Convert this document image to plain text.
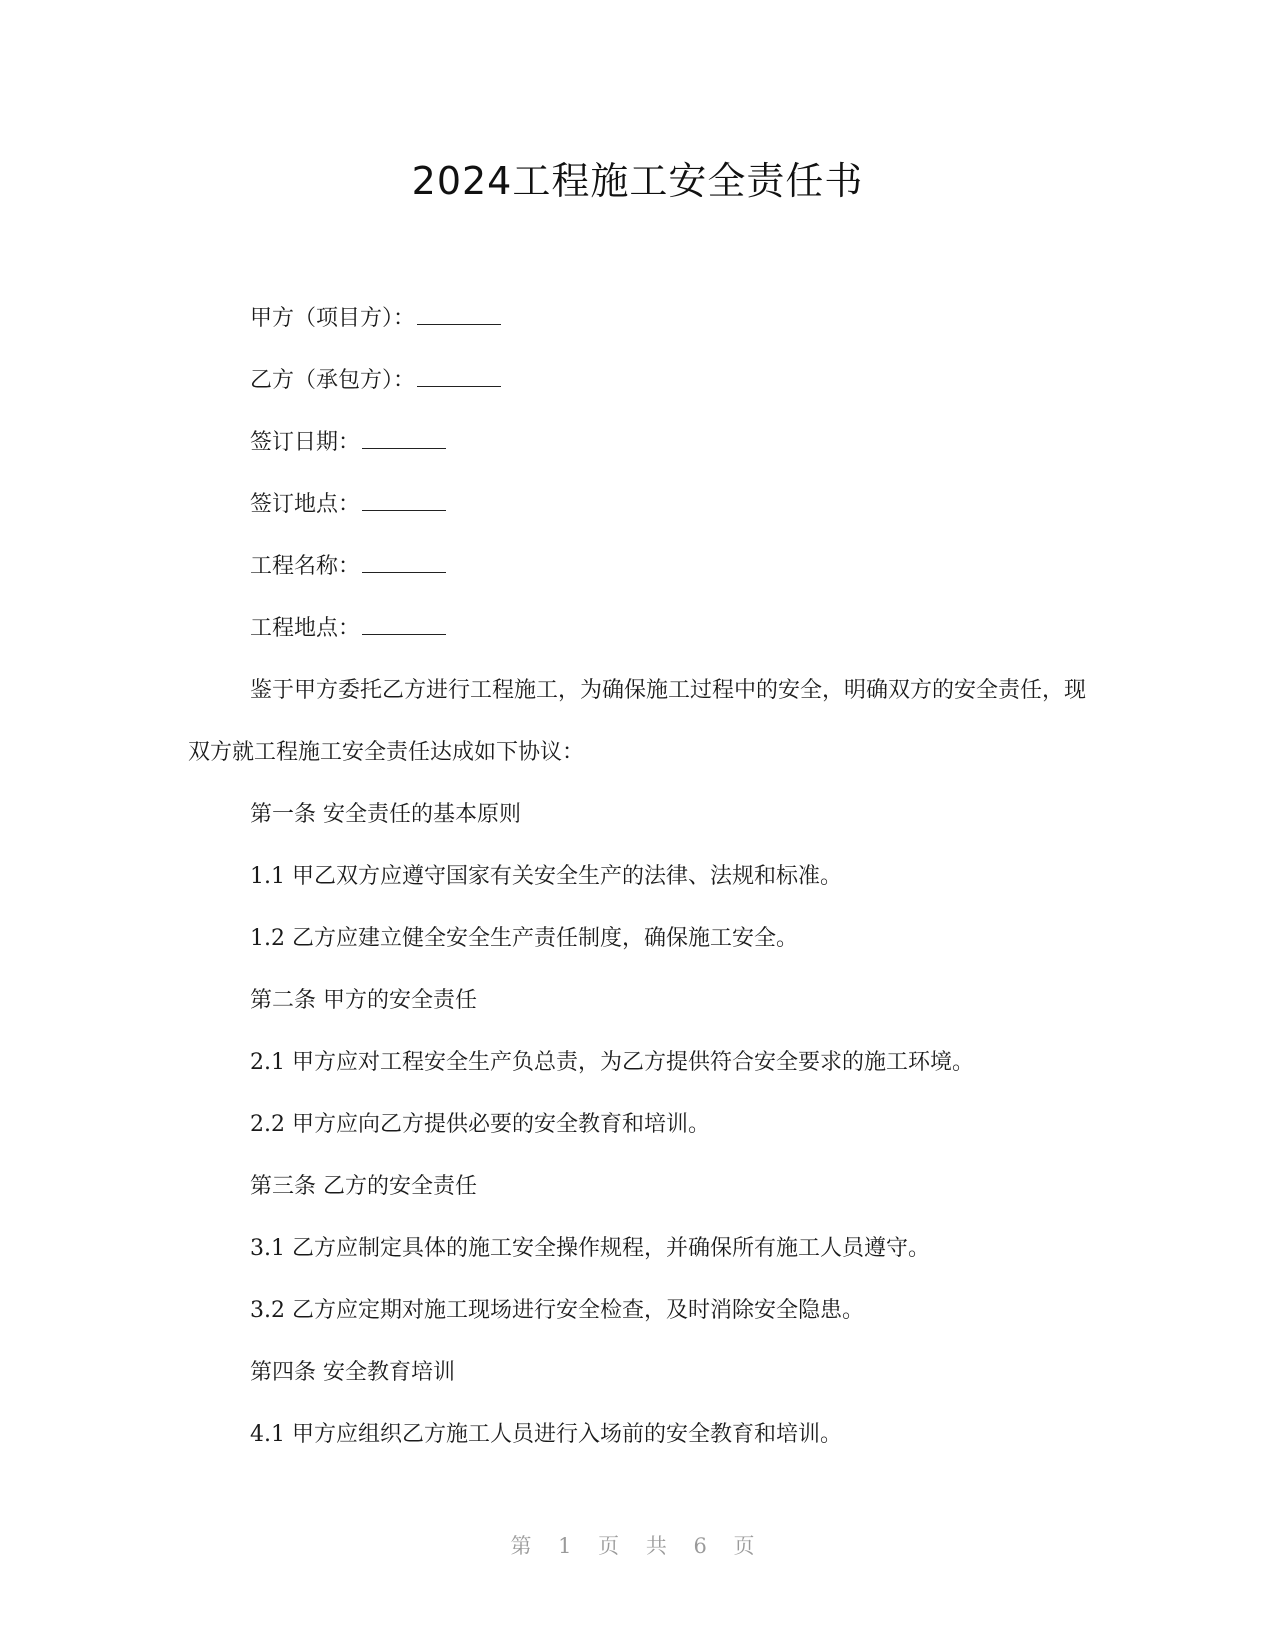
2024工程施工安全责任书
甲方（项目方）：
乙方（承包方）：
签订日期：
签订地点：
工程名称：
工程地点：
鉴于甲方委托乙方进行工程施工，为确保施工过程中的安全，明确双方的安全责任，现双方就工程施工安全责任达成如下协议：
第一条 安全责任的基本原则
1.1 甲乙双方应遵守国家有关安全生产的法律、法规和标准。
1.2 乙方应建立健全安全生产责任制度，确保施工安全。
第二条 甲方的安全责任
2.1 甲方应对工程安全生产负总责，为乙方提供符合安全要求的施工环境。
2.2 甲方应向乙方提供必要的安全教育和培训。
第三条 乙方的安全责任
3.1 乙方应制定具体的施工安全操作规程，并确保所有施工人员遵守。
3.2 乙方应定期对施工现场进行安全检查，及时消除安全隐患。
第四条 安全教育培训
4.1 甲方应组织乙方施工人员进行入场前的安全教育和培训。
第 1 页 共 6 页
